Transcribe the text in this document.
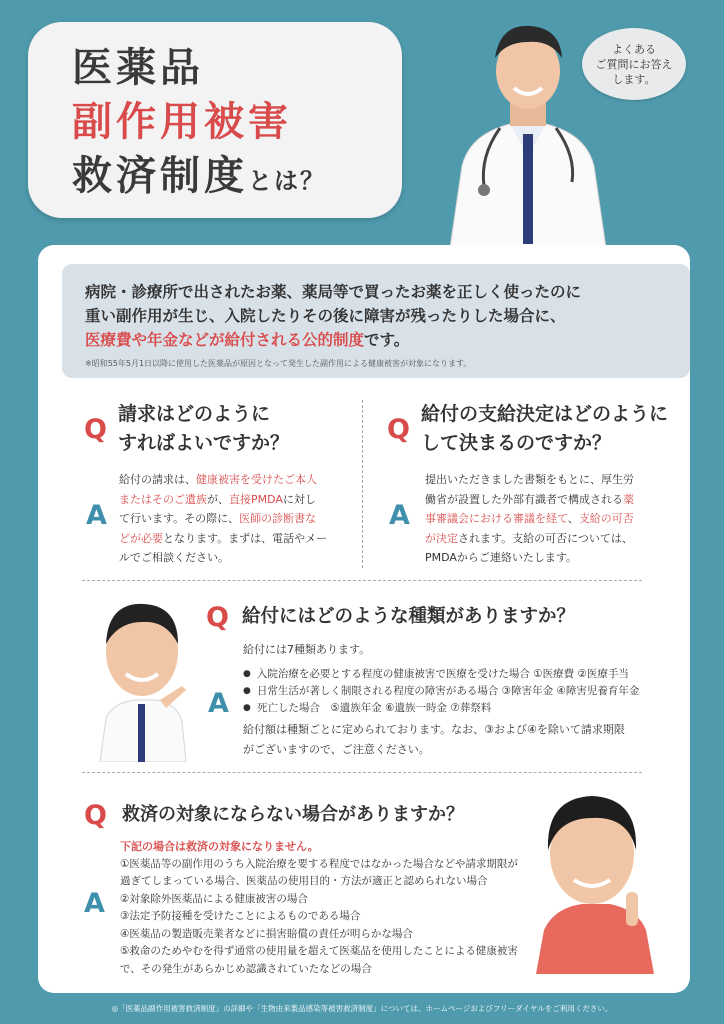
医薬品
副作用被害
救済制度とは？
よくある
ご質問にお答え
します。
病院・診療所で出されたお薬、薬局等で買ったお薬を正しく使ったのに
重い副作用が生じ、入院したりその後に障害が残ったりした場合に、
医療費や年金などが給付される公的制度です。
※昭和55年5月1日以降に使用した医薬品が原因となって発生した副作用による健康被害が対象になります。
Q 請求はどのように
すればよいですか？
A
給付の請求は、健康被害を受けたご本人
またはそのご遺族が、直接PMDAに対し
て行います。その際に、医師の診断書な
どが必要となります。まずは、電話やメー
ルでご相談ください。
Q 給付の支給決定はどのように
して決まるのですか？
A
提出いただきました書類をもとに、厚生労
働省が設置した外部有識者で構成される薬
事審議会における審議を経て、支給の可否
が決定されます。支給の可否については、
PMDAからご連絡いたします。
Q 給付にはどのような種類がありますか？
A
給付には7種類あります。
● 入院治療を必要とする程度の健康被害で医療を受けた場合 ①医療費 ②医療手当
● 日常生活が著しく制限される程度の障害がある場合 ③障害年金 ④障害児養育年金
● 死亡した場合　⑤遺族年金 ⑥遺族一時金 ⑦葬祭料
給付額は種類ごとに定められております。なお、③および④を除いて請求期限
がございますので、ご注意ください。
Q 救済の対象にならない場合がありますか？
A
下記の場合は救済の対象になりません。
①医薬品等の副作用のうち入院治療を要する程度ではなかった場合などや請求期限が
過ぎてしまっている場合、医薬品の使用目的・方法が適正と認められない場合
②対象除外医薬品による健康被害の場合
③法定予防接種を受けたことによるものである場合
④医薬品の製造販売業者などに損害賠償の責任が明らかな場合
⑤救命のためやむを得ず通常の使用量を超えて医薬品を使用したことによる健康被害
で、その発生があらかじめ認識されていたなどの場合
◎「医薬品副作用被害救済制度」の詳細や「生物由来製品感染等被害救済制度」については、ホームページおよびフリーダイヤルをご利用ください。
